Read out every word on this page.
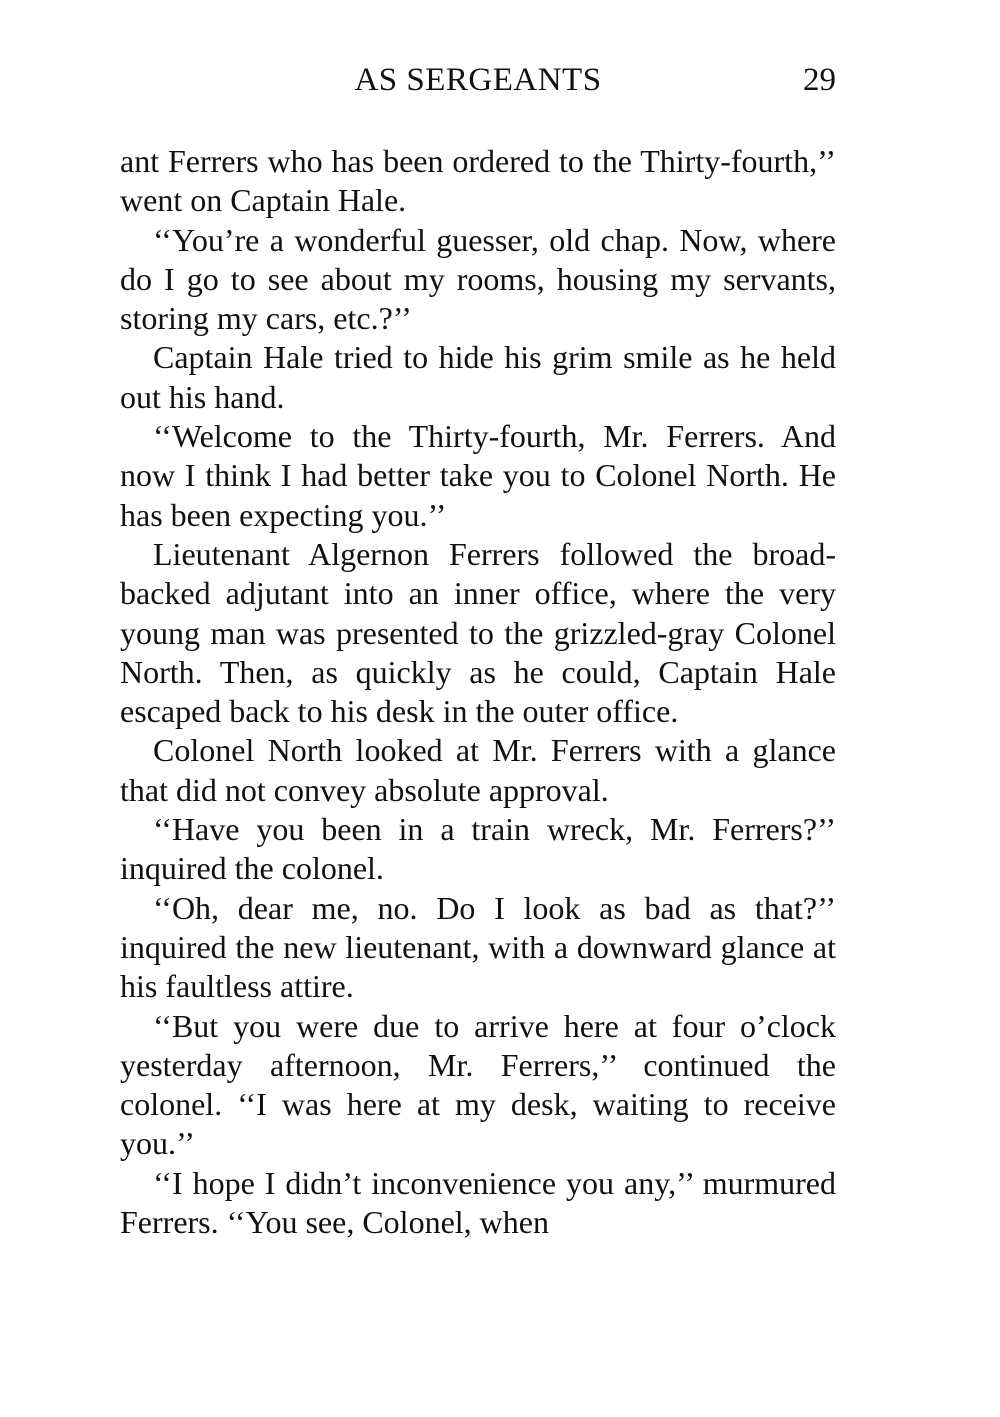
AS SERGEANTS	29

ant Ferrers who has been ordered to the Thirty-fourth,’’ went on Captain Hale.

‘‘You’re a wonderful guesser, old chap. Now, where do I go to see about my rooms, housing my servants, storing my cars, etc.?’’

Captain Hale tried to hide his grim smile as he held out his hand.

‘‘Welcome to the Thirty-fourth, Mr. Ferrers. And now I think I had better take you to Colonel North. He has been expecting you.’’

Lieutenant Algernon Ferrers followed the broad-backed adjutant into an inner office, where the very young man was presented to the grizzled-gray Colonel North. Then, as quickly as he could, Captain Hale escaped back to his desk in the outer office.

Colonel North looked at Mr. Ferrers with a glance that did not convey absolute approval.

‘‘Have you been in a train wreck, Mr. Ferrers?’’ inquired the colonel.

‘‘Oh, dear me, no. Do I look as bad as that?’’ inquired the new lieutenant, with a downward glance at his faultless attire.

‘‘But you were due to arrive here at four o’clock yesterday afternoon, Mr. Ferrers,’’ continued the colonel. ‘‘I was here at my desk, waiting to receive you.’’

‘‘I hope I didn’t inconvenience you any,’’ murmured Ferrers. ‘‘You see, Colonel, when
